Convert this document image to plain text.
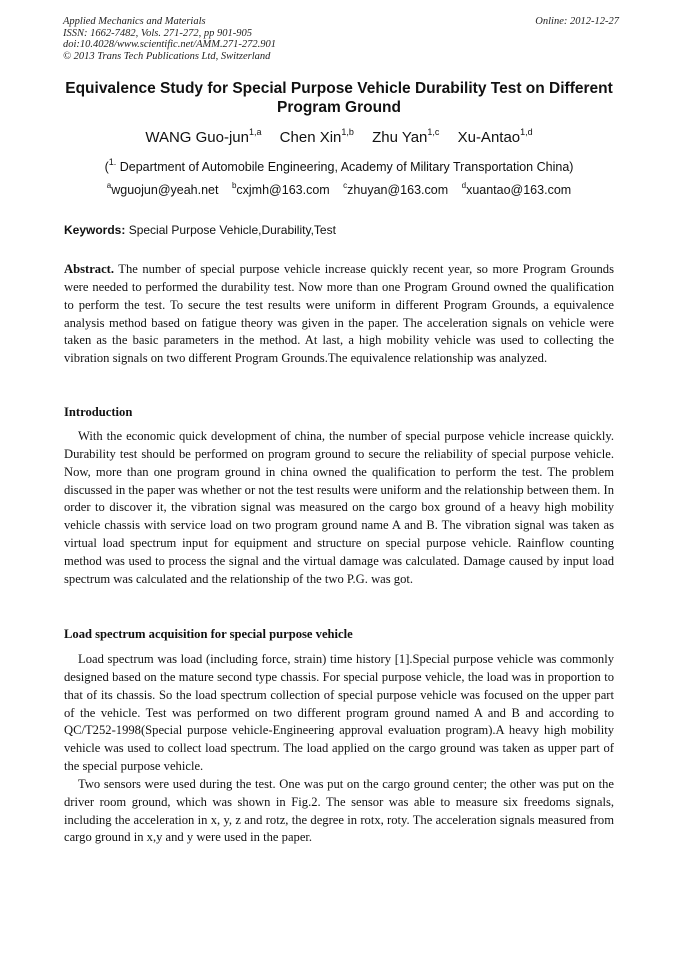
Applied Mechanics and Materials
ISSN: 1662-7482, Vols. 271-272, pp 901-905
doi:10.4028/www.scientific.net/AMM.271-272.901
© 2013 Trans Tech Publications Ltd, Switzerland
Online: 2012-12-27
Equivalence Study for Special Purpose Vehicle Durability Test on Different Program Ground
WANG Guo-jun$^{1,a}$ Chen Xin$^{1,b}$ Zhu Yan$^{1,c}$ Xu-Antao$^{1,d}$
($^{1.}$ Department of Automobile Engineering, Academy of Military Transportation China)
$^a$wguojun@yeah.net $^b$cxjmh@163.com $^c$zhuyan@163.com $^d$xuantao@163.com
Keywords: Special Purpose Vehicle,Durability,Test

Abstract. The number of special purpose vehicle increase quickly recent year, so more Program Grounds were needed to performed the durability test. Now more than one Program Ground owned the qualification to perform the test. To secure the test results were uniform in different Program Grounds, a equivalence analysis method based on fatigue theory was given in the paper. The acceleration signals on vehicle were taken as the basic parameters in the method. At last, a high mobility vehicle was used to collecting the vibration signals on two different Program Grounds.The equivalence relationship was analyzed.

Introduction

With the economic quick development of china, the number of special purpose vehicle increase quickly. Durability test should be performed on program ground to secure the reliability of special purpose vehicle. Now, more than one program ground in china owned the qualification to perform the test. The problem discussed in the paper was whether or not the test results were uniform and the relationship between them. In order to discover it, the vibration signal was measured on the cargo box ground of a heavy high mobility vehicle chassis with service load on two program ground name A and B. The vibration signal was taken as virtual load spectrum input for equipment and structure on special purpose vehicle. Rainflow counting method was used to process the signal and the virtual damage was calculated. Damage caused by input load spectrum was calculated and the relationship of the two P.G. was got.

Load spectrum acquisition for special purpose vehicle

Load spectrum was load (including force, strain) time history [1].Special purpose vehicle was commonly designed based on the mature second type chassis. For special purpose vehicle, the load was in proportion to that of its chassis. So the load spectrum collection of special purpose vehicle was focused on the upper part of the vehicle. Test was performed on two different program ground named A and B and according to QC/T252-1998(Special purpose vehicle-Engineering approval evaluation program).A heavy high mobility vehicle was used to collect load spectrum. The load applied on the cargo ground was taken as upper part of the special purpose vehicle.

Two sensors were used during the test. One was put on the cargo ground center; the other was put on the driver room ground, which was shown in Fig.2. The sensor was able to measure six freedoms signals, including the acceleration in x, y, z and rotz, the degree in rotx, roty. The acceleration signals measured from cargo ground in x,y and y were used in the paper.
